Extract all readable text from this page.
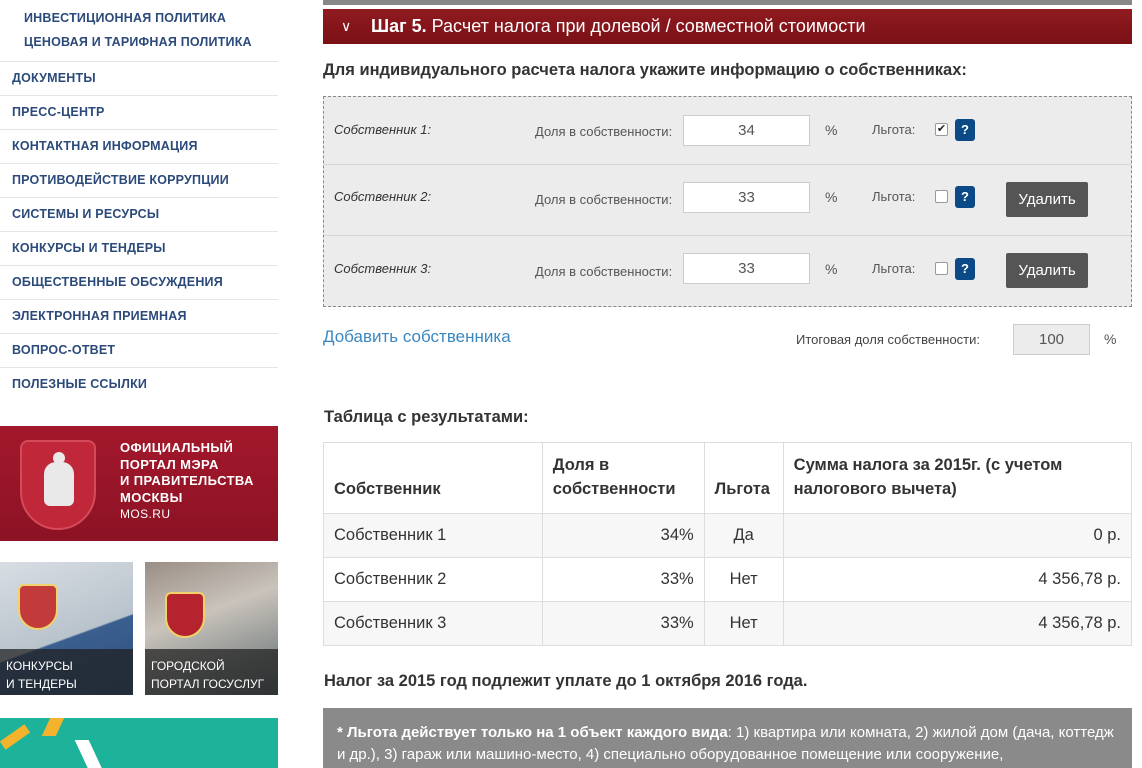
ИНВЕСТИЦИОННАЯ ПОЛИТИКА
ЦЕНОВАЯ И ТАРИФНАЯ ПОЛИТИКА
ДОКУМЕНТЫ
ПРЕСС-ЦЕНТР
КОНТАКТНАЯ ИНФОРМАЦИЯ
ПРОТИВОДЕЙСТВИЕ КОРРУПЦИИ
СИСТЕМЫ И РЕСУРСЫ
КОНКУРСЫ И ТЕНДЕРЫ
ОБЩЕСТВЕННЫЕ ОБСУЖДЕНИЯ
ЭЛЕКТРОННАЯ ПРИЕМНАЯ
ВОПРОС-ОТВЕТ
ПОЛЕЗНЫЕ ССЫЛКИ
ОФИЦИАЛЬНЫЙ
ПОРТАЛ МЭРА
И ПРАВИТЕЛЬСТВА
МОСКВЫ
MOS.RU
КОНКУРСЫ
И ТЕНДЕРЫ
ГОРОДСКОЙ
ПОРТАЛ ГОСУСЛУГ
∨ Шаг 5. Расчет налога при долевой / совместной стоимости
Для индивидуального расчета налога укажите информацию о собственниках:
Собственник 1:	Доля в собственности:
34	%	Льгота: ✔	?
Собственник 2:	Доля в собственности:
33	%	Льгота:	?	Удалить
Собственник 3:	Доля в собственности:
33	%	Льгота:	?	Удалить
Добавить собственника	Итоговая доля собственности:	100	%
Таблица с результатами:
Собственник	Доля в собственности	Льгота	Сумма налога за 2015г. (с учетом налогового вычета)
Собственник 1	34%	Да	0 р.
Собственник 2	33%	Нет	4 356,78 р.
Собственник 3	33%	Нет	4 356,78 р.
Налог за 2015 год подлежит уплате до 1 октября 2016 года.
* Льгота действует только на 1 объект каждого вида: 1) квартира или комната, 2) жилой дом (дача, коттедж и др.), 3) гараж или машино-место, 4) специально оборудованное помещение или сооружение,
